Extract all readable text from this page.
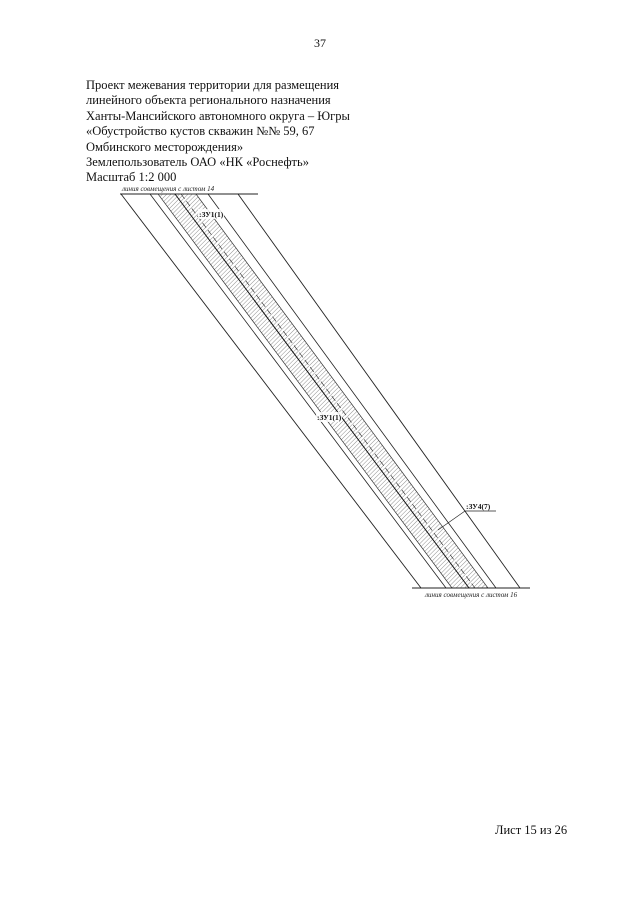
37
Проект межевания территории для размещения
линейного объекта регионального назначения
Ханты-Мансийского автономного округа – Югры
«Обустройство кустов скважин №№ 59, 67
Омбинского месторождения»
Землепользователь ОАО «НК «Роснефть»
Масштаб 1:2 000
линия совмещения с листом 14
линия совмещения с листом 16
:ЗУ1(1)
:ЗУ1(1)
:ЗУ4(7)
Лист 15 из 26
